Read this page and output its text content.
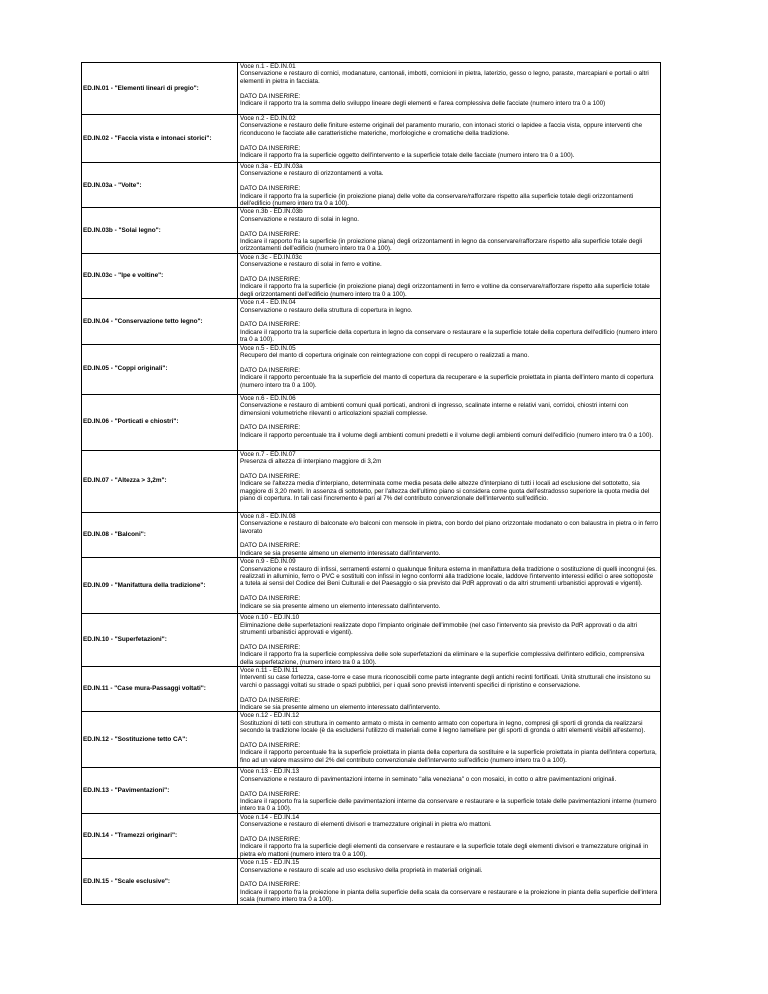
ED.IN.01 - "Elementi lineari di pregio":	Voce n.1 - ED.IN.01
Conservazione e restauro di cornici, modanature, cantonali, imbotti, cornicioni in pietra, laterizio, gesso o legno, paraste, marcapiani e portali o altri elementi in pietra in facciata.
DATO DA INSERIRE:
Indicare il rapporto tra la somma dello sviluppo lineare degli elementi e l'area complessiva delle facciate (numero intero tra 0 a 100)

ED.IN.02 - "Faccia vista e intonaci storici":	Voce n.2 - ED.IN.02
Conservazione e restauro delle finiture esterne originali del paramento murario, con intonaci storici o lapidee a faccia vista, oppure interventi che riconducono le facciate alle caratteristiche materiche, morfologiche e cromatiche della tradizione.
DATO DA INSERIRE:
Indicare il rapporto fra la superficie oggetto dell'intervento e la superficie totale delle facciate (numero intero tra 0 a 100).

ED.IN.03a - "Volte":	Voce n.3a - ED.IN.03a
Conservazione e restauro di orizzontamenti a volta.
DATO DA INSERIRE:
Indicare il rapporto fra la superficie (in proiezione piana) delle volte da conservare/rafforzare rispetto alla superficie totale degli orizzontamenti dell'edificio (numero intero tra 0 a 100).

ED.IN.03b - "Solai legno":	Voce n.3b - ED.IN.03b
Conservazione e restauro di solai in legno.
DATO DA INSERIRE:
Indicare il rapporto fra la superficie (in proiezione piana) degli orizzontamenti in legno da conservare/rafforzare rispetto alla superficie totale degli orizzontamenti dell'edificio (numero intero tra 0 a 100).

ED.IN.03c - "Ipe e voltine":	Voce n.3c - ED.IN.03c
Conservazione e restauro di solai in ferro e voltine.
DATO DA INSERIRE:
Indicare il rapporto fra la superficie (in proiezione piana) degli orizzontamenti in ferro e voltine da conservare/rafforzare rispetto alla superficie totale degli orizzontamenti dell'edificio (numero intero tra 0 a 100).

ED.IN.04 - "Conservazione tetto legno":	Voce n.4 - ED.IN.04
Conservazione o restauro della struttura di copertura in legno.
DATO DA INSERIRE:
Indicare il rapporto tra la superficie della copertura in legno da conservare o restaurare e la superficie totale della copertura dell'edificio (numero intero tra 0 a 100).

ED.IN.05 - "Coppi originali":	Voce n.5 - ED.IN.05
Recupero del manto di copertura originale con reintegrazione con coppi di recupero o realizzati a mano.
DATO DA INSERIRE:
Indicare il rapporto percentuale fra la superficie del manto di copertura da recuperare e la superficie proiettata in pianta dell'intero manto di copertura (numero intero tra 0 a 100).

ED.IN.06 - "Porticati e chiostri":	Voce n.6 - ED.IN.06
Conservazione e restauro di ambienti comuni quali porticati, androni di ingresso, scalinate interne e relativi vani, corridoi, chiostri interni con dimensioni volumetriche rilevanti o articolazioni spaziali complesse.
DATO DA INSERIRE:
Indicare il rapporto percentuale tra il volume degli ambienti comuni predetti e il volume degli ambienti comuni dell'edificio (numero intero tra 0 a 100).

ED.IN.07 - "Altezza > 3,2m":	Voce n.7 - ED.IN.07
Presenza di altezza di interpiano maggiore di 3,2m
DATO DA INSERIRE:
Indicare se l'altezza media d'interpiano, determinata come media pesata delle altezze d'interpiano di tutti i locali ad esclusione del sottotetto, sia maggiore di 3,20 metri. In assenza di sottotetto, per l'altezza dell'ultimo piano si considera come quota dell'estradosso superiore la quota media del piano di copertura. In tali casi l'incremento è pari al 7% del contributo convenzionale dell'intervento sull'edificio.

ED.IN.08 - "Balconi":	Voce n.8 - ED.IN.08
Conservazione e restauro di balconate e/o balconi con mensole in pietra, con bordo del piano orizzontale modanato o con balaustra in pietra o in ferro lavorato
DATO DA INSERIRE:
Indicare se sia presente almeno un elemento interessato dall'intervento.

ED.IN.09 - "Manifattura della tradizione":	Voce n.9 - ED.IN.09
Conservazione e restauro di infissi, serramenti esterni o qualunque finitura esterna in manifattura della tradizione o sostituzione di quelli incongrui (es. realizzati in alluminio, ferro o PVC e sostituiti con infissi in legno conformi alla tradizione locale, laddove l'intervento interessi edifici o aree sottoposte a tutela ai sensi del Codice dei Beni Culturali e del Paesaggio o sia previsto dai PdR approvati o da altri strumenti urbanistici approvati e vigenti).
DATO DA INSERIRE:
Indicare se sia presente almeno un elemento interessato dall'intervento.

ED.IN.10 - "Superfetazioni":	Voce n.10 - ED.IN.10
Eliminazione delle superfetazioni realizzate dopo l'impianto originale dell'immobile (nel caso l'intervento sia previsto da PdR approvati o da altri strumenti urbanistici approvati e vigenti).
DATO DA INSERIRE:
Indicare il rapporto fra la superficie complessiva delle sole superfetazioni da eliminare e la superficie complessiva dell'intero edificio, comprensiva della superfetazione, (numero intero tra 0 a 100).

ED.IN.11 - "Case mura-Passaggi voltati":	Voce n.11 - ED.IN.11
Interventi su case fortezza, case-torre e case mura riconoscibili come parte integrante degli antichi recinti fortificati. Unità strutturali che insistono su varchi o passaggi voltati su strade o spazi pubblici, per i quali sono previsti interventi specifici di ripristino e conservazione.
DATO DA INSERIRE:
Indicare se sia presente almeno un elemento interessato dall'intervento.

ED.IN.12 - "Sostituzione tetto CA":	Voce n.12 - ED.IN.12
Sostituzioni di tetti con struttura in cemento armato o mista in cemento armato con copertura in legno, compresi gli sporti di gronda da realizzarsi secondo la tradizione locale (è da escludersi l'utilizzo di materiali come il legno lamellare per gli sporti di gronda o altri elementi visibili all'esterno).
DATO DA INSERIRE:
Indicare il rapporto percentuale fra la superficie proiettata in pianta della copertura da sostituire e la superficie proiettata in pianta dell'intera copertura, fino ad un valore massimo del 2% del contributo convenzionale dell'intervento sull'edificio (numero intero tra 0 a 100).

ED.IN.13 - "Pavimentazioni":	Voce n.13 - ED.IN.13
Conservazione e restauro di pavimentazioni interne in seminato "alla veneziana" o con mosaici, in cotto o altre pavimentazioni originali.
DATO DA INSERIRE:
Indicare il rapporto fra la superficie delle pavimentazioni interne da conservare e restaurare e la superficie totale delle pavimentazioni interne (numero intero tra 0 a 100).

ED.IN.14 - "Tramezzi originari":	Voce n.14 - ED.IN.14
Conservazione e restauro di elementi divisori e tramezzature originali in pietra e/o mattoni.
DATO DA INSERIRE:
Indicare il rapporto fra la superficie degli elementi da conservare e restaurare e la superficie totale degli elementi divisori e tramezzature originali in pietra e/o mattoni (numero intero tra 0 a 100).

ED.IN.15 - "Scale esclusive":	Voce n.15 - ED.IN.15
Conservazione e restauro di scale ad uso esclusivo della proprietà in materiali originali.
DATO DA INSERIRE:
Indicare il rapporto fra la proiezione in pianta della superficie della scala da conservare e restaurare e la proiezione in pianta della superficie dell'intera scala (numero intero tra 0 a 100).
